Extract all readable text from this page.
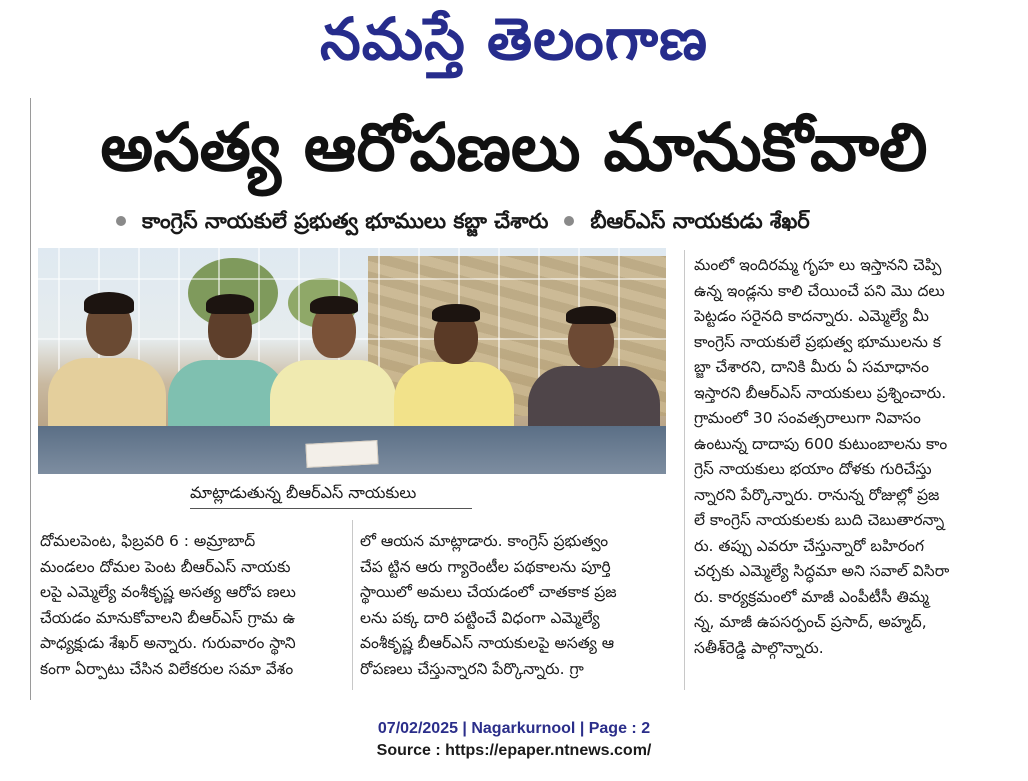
నమస్తే తెలంగాణ
అసత్య ఆరోపణలు మానుకోవాలి
కాంగ్రెస్ నాయకులే ప్రభుత్వ భూములు కబ్జా చేశారు బీఆర్ఎస్ నాయకుడు శేఖర్
మాట్లాడుతున్న బీఆర్ఎస్ నాయకులు
దోమలపెంట, ఫిబ్రవరి 6 : అమ్రాబాద్
మండలం దోమల పెంట బీఆర్ఎస్ నాయకు
లపై ఎమ్మెల్యే వంశీకృష్ణ అసత్య ఆరోప ణలు
చేయడం మానుకోవాలని బీఆర్ఎస్ గ్రామ ఉ
పాధ్యక్షుడు శేఖర్ అన్నారు. గురువారం స్థాని
కంగా ఏర్పాటు చేసిన విలేకరుల సమా వేశం
లో ఆయన మాట్లాడారు. కాంగ్రెస్ ప్రభుత్వం
చేప ట్టిన ఆరు గ్యారెంటీల పథకాలను పూర్తి
స్థాయిలో అమలు చేయడంలో చాతకాక ప్రజ
లను పక్క దారి పట్టించే విధంగా ఎమ్మెల్యే
వంశీకృష్ణ బీఆర్ఎస్ నాయకులపై అసత్య ఆ
రోపణలు చేస్తున్నారని పేర్కొన్నారు. గ్రా
మంలో ఇందిరమ్మ గృహ లు ఇస్తానని చెప్పి
ఉన్న ఇండ్లను కాలి చేయించే పని మొ దలు
పెట్టడం సరైనది కాదన్నారు. ఎమ్మెల్యే మీ
కాంగ్రెస్ నాయకులే ప్రభుత్వ భూములను క
బ్జా చేశారని, దానికి మీరు ఏ సమాధానం
ఇస్తారని బీఆర్ఎస్ నాయకులు ప్రశ్నించారు.
గ్రామంలో 30 సంవత్సరాలుగా నివాసం
ఉంటున్న దాదాపు 600 కుటుంబాలను కాం
గ్రెస్ నాయకులు భయాం దోళకు గురిచేస్తు
న్నారని పేర్కొన్నారు. రానున్న రోజుల్లో ప్రజ
లే కాంగ్రెస్ నాయకులకు బుది చెబుతారన్నా
రు. తప్పు ఎవరూ చేస్తున్నారో బహిరంగ
చర్చకు ఎమ్మెల్యే సిద్ధమా అని సవాల్ విసిరా
రు. కార్యక్రమంలో మాజీ ఎంపీటీసీ తిమ్మ
న్న, మాజీ ఉపసర్పంచ్ ప్రసాద్, అహ్మద్,
సతీశ్‌రెడ్డి పాల్గొన్నారు.
07/02/2025 | Nagarkurnool | Page : 2
Source : https://epaper.ntnews.com/
